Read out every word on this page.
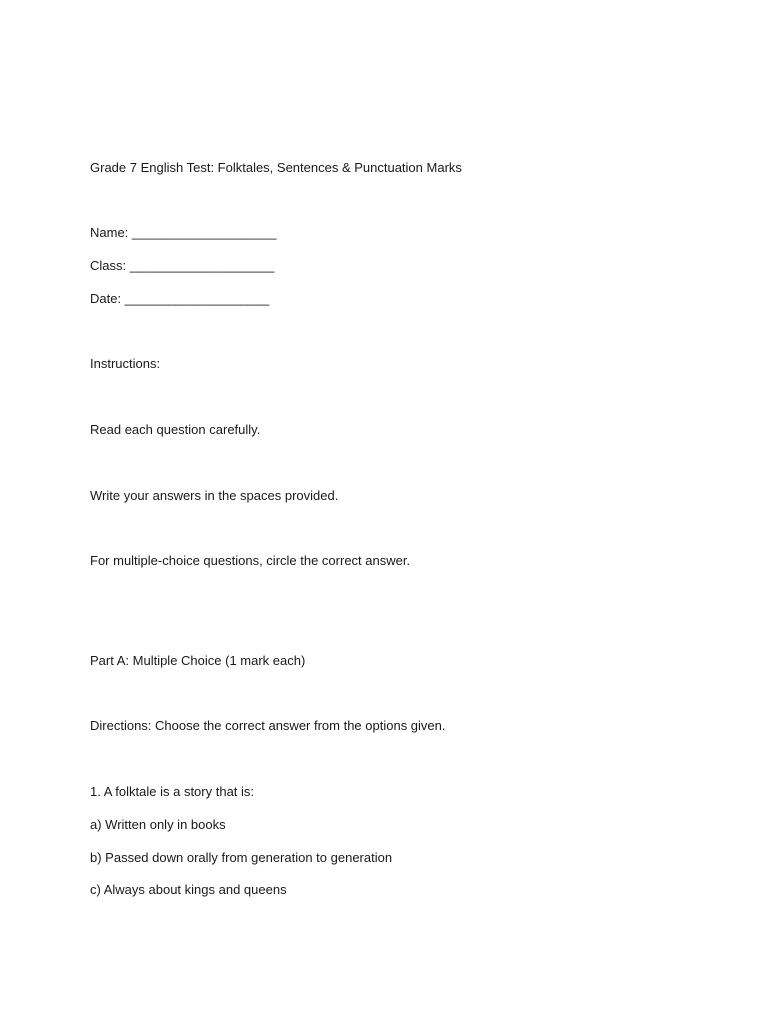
Grade 7 English Test: Folktales, Sentences & Punctuation Marks
Name: ____________________
Class: ____________________
Date: ____________________
Instructions:
Read each question carefully.
Write your answers in the spaces provided.
For multiple-choice questions, circle the correct answer.
Part A: Multiple Choice (1 mark each)
Directions: Choose the correct answer from the options given.
1. A folktale is a story that is:
a) Written only in books
b) Passed down orally from generation to generation
c) Always about kings and queens
